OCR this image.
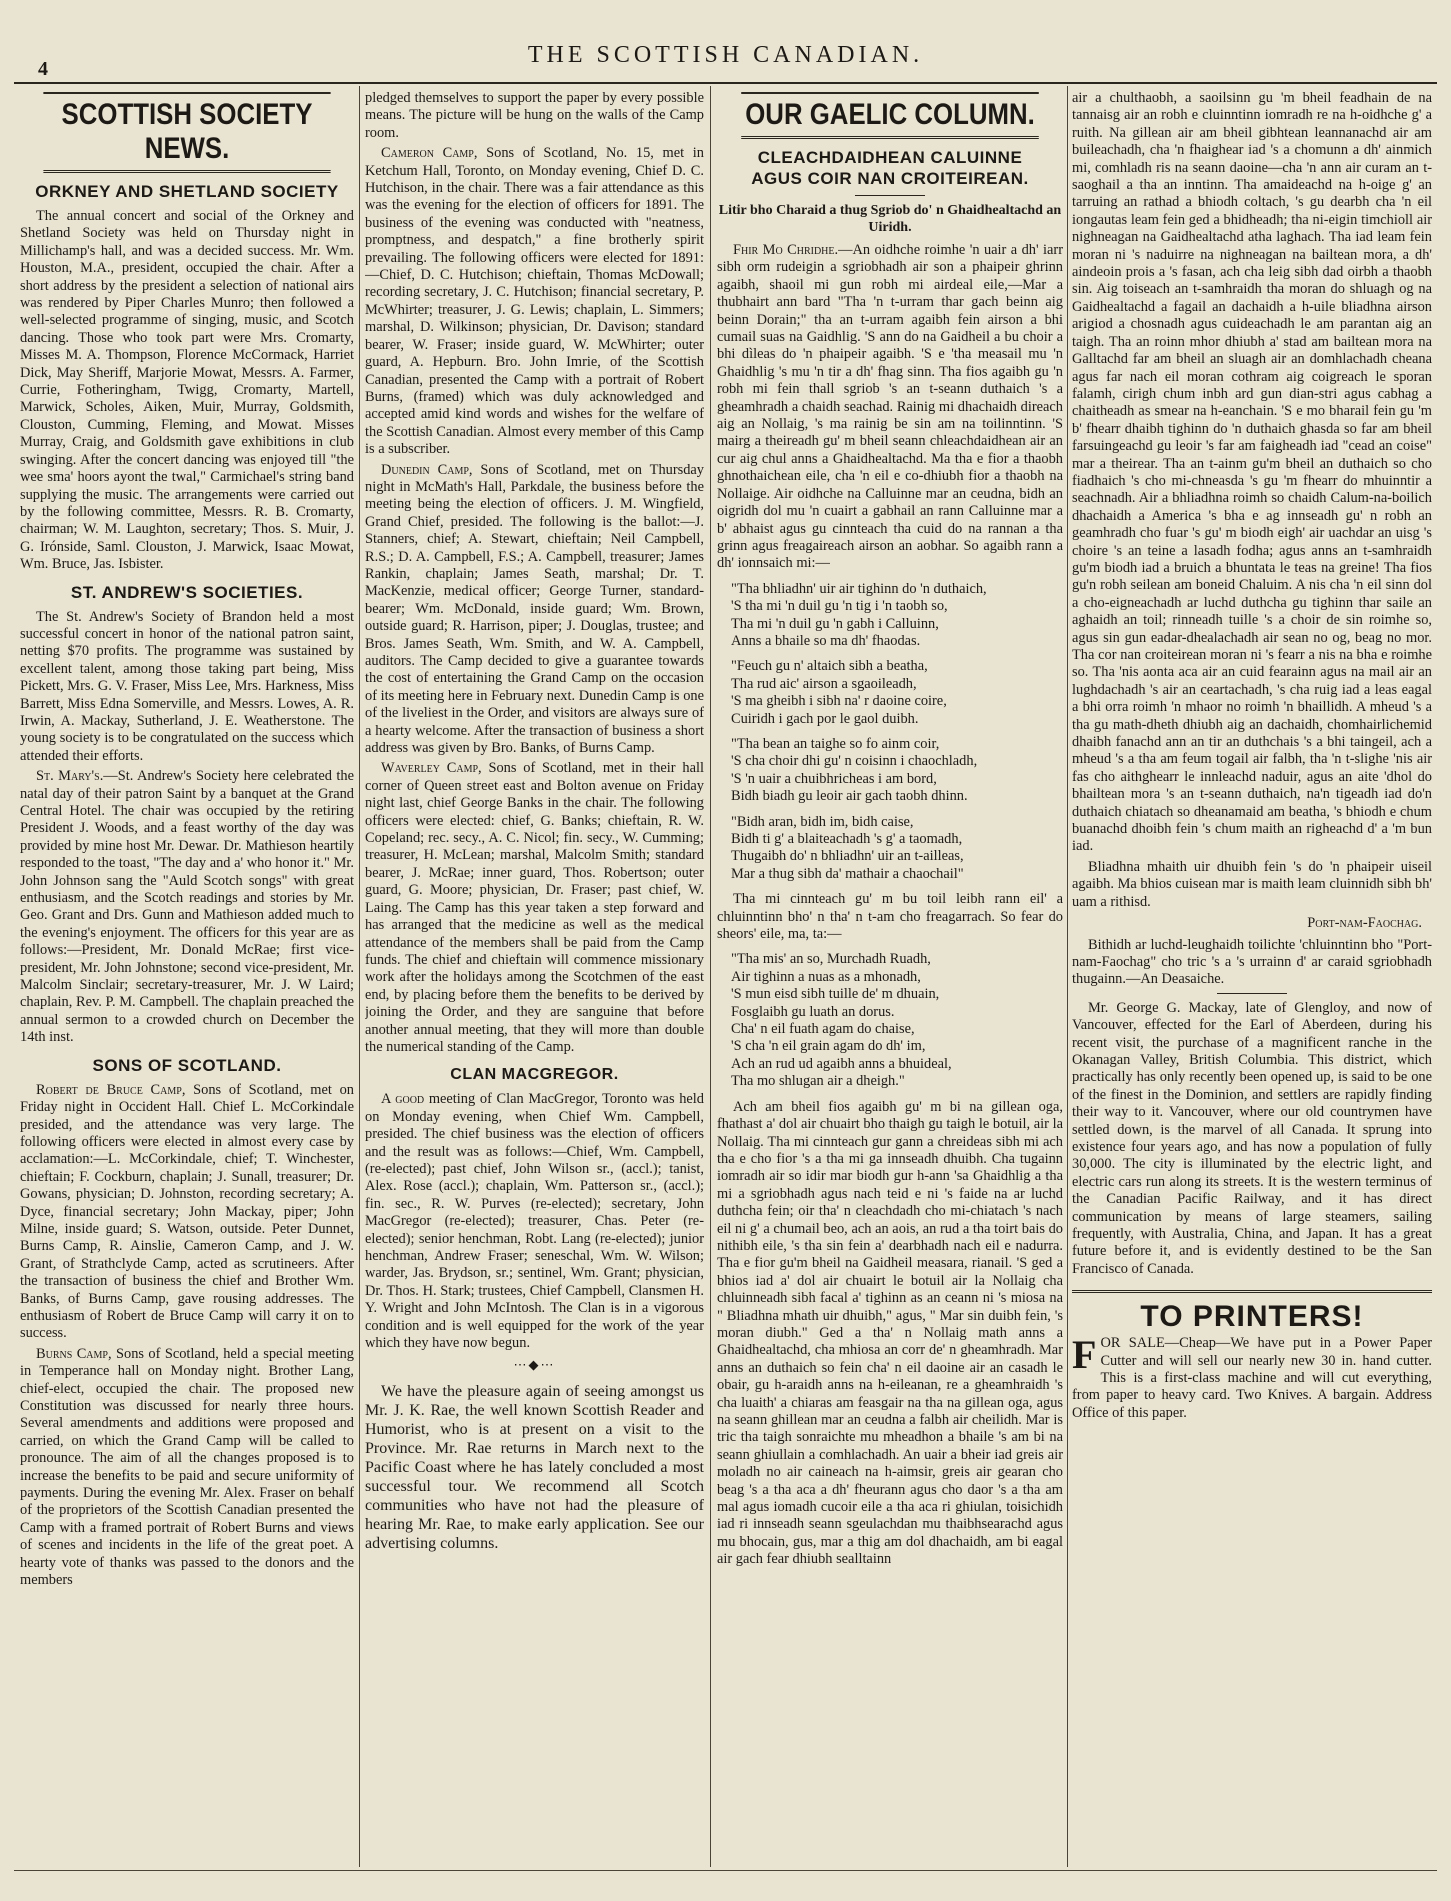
4
THE SCOTTISH CANADIAN.
SCOTTISH SOCIETY NEWS.
ORKNEY AND SHETLAND SOCIETY

The annual concert and social of the Orkney and Shetland Society was held on Thursday night in Millichamp's hall, and was a decided success. Mr. Wm. Houston, M.A., president, occupied the chair. After a short address by the president a selection of national airs was rendered by Piper Charles Munro; then followed a well-selected programme of singing, music, and Scotch dancing. Those who took part were Mrs. Cromarty, Misses M. A. Thompson, Florence McCormack, Harriet Dick, May Sheriff, Marjorie Mowat, Messrs. A. Farmer, Currie, Fotheringham, Twigg, Cromarty, Martell, Marwick, Scholes, Aiken, Muir, Murray, Goldsmith, Clouston, Cumming, Fleming, and Mowat. Misses Murray, Craig, and Goldsmith gave exhibitions in club swinging. After the concert dancing was enjoyed till "the wee sma' hoors ayont the twal," Carmichael's string band supplying the music. The arrangements were carried out by the following committee, Messrs. R. B. Cromarty, chairman; W. M. Laughton, secretary; Thos. S. Muir, J. G. Irónside, Saml. Clouston, J. Marwick, Isaac Mowat, Wm. Bruce, Jas. Isbister.

ST. ANDREW'S SOCIETIES.

The St. Andrew's Society of Brandon held a most successful concert in honor of the national patron saint, netting $70 profits. The programme was sustained by excellent talent, among those taking part being, Miss Pickett, Mrs. G. V. Fraser, Miss Lee, Mrs. Harkness, Miss Barrett, Miss Edna Somerville, and Messrs. Lowes, A. R. Irwin, A. Mackay, Sutherland, J. E. Weatherstone. The young society is to be congratulated on the success which attended their efforts.

St. Mary's.—St. Andrew's Society here celebrated the natal day of their patron Saint by a banquet at the Grand Central Hotel. The chair was occupied by the retiring President J. Woods, and a feast worthy of the day was provided by mine host Mr. Dewar. Dr. Mathieson heartily responded to the toast, "The day and a' who honor it." Mr. John Johnson sang the "Auld Scotch songs" with great enthusiasm, and the Scotch readings and stories by Mr. Geo. Grant and Drs. Gunn and Mathieson added much to the evening's enjoyment. The officers for this year are as follows:—President, Mr. Donald McRae; first vice-president, Mr. John Johnstone; second vice-president, Mr. Malcolm Sinclair; secretary-treasurer, Mr. J. W Laird; chaplain, Rev. P. M. Campbell. The chaplain preached the annual sermon to a crowded church on December the 14th inst.

SONS OF SCOTLAND.

Robert de Bruce Camp, Sons of Scotland, met on Friday night in Occident Hall. Chief L. McCorkindale presided, and the attendance was very large. The following officers were elected in almost every case by acclamation:—L. McCorkindale, chief; T. Winchester, chieftain; F. Cockburn, chaplain; J. Sunall, treasurer; Dr. Gowans, physician; D. Johnston, recording secretary; A. Dyce, financial secretary; John Mackay, piper; John Milne, inside guard; S. Watson, outside. Peter Dunnet, Burns Camp, R. Ainslie, Cameron Camp, and J. W. Grant, of Strathclyde Camp, acted as scrutineers. After the transaction of business the chief and Brother Wm. Banks, of Burns Camp, gave rousing addresses. The enthusiasm of Robert de Bruce Camp will carry it on to success.

Burns Camp, Sons of Scotland, held a special meeting in Temperance hall on Monday night. Brother Lang, chief-elect, occupied the chair. The proposed new Constitution was discussed for nearly three hours. Several amendments and additions were proposed and carried, on which the Grand Camp will be called to pronounce. The aim of all the changes proposed is to increase the benefits to be paid and secure uniformity of payments. During the evening Mr. Alex. Fraser on behalf of the proprietors of the Scottish Canadian presented the Camp with a framed portrait of Robert Burns and views of scenes and incidents in the life of the great poet. A hearty vote of thanks was passed to the donors and the members

pledged themselves to support the paper by every possible means. The picture will be hung on the walls of the Camp room.

Cameron Camp, Sons of Scotland, No. 15, met in Ketchum Hall, Toronto, on Monday evening, Chief D. C. Hutchison, in the chair. There was a fair attendance as this was the evening for the election of officers for 1891. The business of the evening was conducted with "neatness, promptness, and despatch," a fine brotherly spirit prevailing. The following officers were elected for 1891:—Chief, D. C. Hutchison; chieftain, Thomas McDowall; recording secretary, J. C. Hutchison; financial secretary, P. McWhirter; treasurer, J. G. Lewis; chaplain, L. Simmers; marshal, D. Wilkinson; physician, Dr. Davison; standard bearer, W. Fraser; inside guard, W. McWhirter; outer guard, A. Hepburn. Bro. John Imrie, of the Scottish Canadian, presented the Camp with a portrait of Robert Burns, (framed) which was duly acknowledged and accepted amid kind words and wishes for the welfare of the Scottish Canadian. Almost every member of this Camp is a subscriber.

Dunedin Camp, Sons of Scotland, met on Thursday night in McMath's Hall, Parkdale, the business before the meeting being the election of officers. J. M. Wingfield, Grand Chief, presided. The following is the ballot:—J. Stanners, chief; A. Stewart, chieftain; Neil Campbell, R.S.; D. A. Campbell, F.S.; A. Campbell, treasurer; James Rankin, chaplain; James Seath, marshal; Dr. T. MacKenzie, medical officer; George Turner, standard-bearer; Wm. McDonald, inside guard; Wm. Brown, outside guard; R. Harrison, piper; J. Douglas, trustee; and Bros. James Seath, Wm. Smith, and W. A. Campbell, auditors. The Camp decided to give a guarantee towards the cost of entertaining the Grand Camp on the occasion of its meeting here in February next. Dunedin Camp is one of the liveliest in the Order, and visitors are always sure of a hearty welcome. After the transaction of business a short address was given by Bro. Banks, of Burns Camp.

Waverley Camp, Sons of Scotland, met in their hall corner of Queen street east and Bolton avenue on Friday night last, chief George Banks in the chair. The following officers were elected: chief, G. Banks; chieftain, R. W. Copeland; rec. secy., A. C. Nicol; fin. secy., W. Cumming; treasurer, H. McLean; marshal, Malcolm Smith; standard bearer, J. McRae; inner guard, Thos. Robertson; outer guard, G. Moore; physician, Dr. Fraser; past chief, W. Laing. The Camp has this year taken a step forward and has arranged that the medicine as well as the medical attendance of the members shall be paid from the Camp funds. The chief and chieftain will commence missionary work after the holidays among the Scotchmen of the east end, by placing before them the benefits to be derived by joining the Order, and they are sanguine that before another annual meeting, that they will more than double the numerical standing of the Camp.

CLAN MACGREGOR.

A good meeting of Clan MacGregor, Toronto was held on Monday evening, when Chief Wm. Campbell, presided. The chief business was the election of officers and the result was as follows:—Chief, Wm. Campbell, (re-elected); past chief, John Wilson sr., (accl.); tanist, Alex. Rose (accl.); chaplain, Wm. Patterson sr., (accl.); fin. sec., R. W. Purves (re-elected); secretary, John MacGregor (re-elected); treasurer, Chas. Peter (re-elected); senior henchman, Robt. Lang (re-elected); junior henchman, Andrew Fraser; seneschal, Wm. W. Wilson; warder, Jas. Brydson, sr.; sentinel, Wm. Grant; physician, Dr. Thos. H. Stark; trustees, Chief Campbell, Clansmen H. Y. Wright and John McIntosh. The Clan is in a vigorous condition and is well equipped for the work of the year which they have now begun.

⋯◆⋯

We have the pleasure again of seeing amongst us Mr. J. K. Rae, the well known Scottish Reader and Humorist, who is at present on a visit to the Province. Mr. Rae returns in March next to the Pacific Coast where he has lately concluded a most successful tour. We recommend all Scotch communities who have not had the pleasure of hearing Mr. Rae, to make early application. See our advertising columns.

OUR GAELIC COLUMN.
CLEACHDAIDHEAN CALUINNE
AGUS COIR NAN CROITEIREAN.
Litir bho Charaid a thug Sgriob do' n Ghaidhealtachd an Uiridh.

Fhir Mo Chridhe.—An oidhche roimhe 'n uair a dh' iarr sibh orm rudeigin a sgriobhadh air son a phaipeir ghrinn agaibh, shaoil mi gun robh mi airdeal eile,—Mar a thubhairt ann bard "Tha 'n t-urram thar gach beinn aig beinn Dorain;" tha an t-urram agaibh fein airson a bhi cumail suas na Gaidhlig. 'S ann do na Gaidheil a bu choir a bhi dìleas do 'n phaipeir agaibh. 'S e 'tha measail mu 'n Ghaidhlig 's mu 'n tir a dh' fhag sinn. Tha fios agaibh gu 'n robh mi fein thall sgriob 's an t-seann duthaich 's a gheamhradh a chaidh seachad. Rainig mi dhachaidh direach aig an Nollaig, 's ma rainig be sin am na toilinntinn. 'S mairg a theireadh gu' m bheil seann chleachdaidhean air an cur aig chul anns a Ghaidhealtachd. Ma tha e fior a thaobh ghnothaichean eile, cha 'n eil e co-dhiubh fior a thaobh na Nollaige. Air oidhche na Calluinne mar an ceudna, bidh an oigridh dol mu 'n cuairt a gabhail an rann Calluinne mar a b' abhaist agus gu cinnteach tha cuid do na rannan a tha grinn agus freagaireach airson an aobhar. So agaibh rann a dh' ionnsaich mi:—

"Tha bhliadhn' uir air tighinn do 'n duthaich,
'S tha mi 'n duil gu 'n tig i 'n taobh so,
Tha mi 'n duil gu 'n gabh i Calluinn,
Anns a bhaile so ma dh' fhaodas.
"Feuch gu n' altaich sibh a beatha,
Tha rud aic' airson a sgaoileadh,
'S ma gheibh i sibh na' r daoine coire,
Cuiridh i gach por le gaol duibh.
"Tha bean an taighe so fo ainm coir,
'S cha choir dhi gu' n coisinn i chaochladh,
'S 'n uair a chuibhricheas i am bord,
Bidh biadh gu leoir air gach taobh dhinn.
"Bidh aran, bidh im, bidh caise,
Bidh ti g' a blaiteachadh 's g' a taomadh,
Thugaibh do' n bhliadhn' uir an t-ailleas,
Mar a thug sibh da' mathair a chaochail"

Tha mi cinnteach gu' m bu toil leibh rann eil' a chluinntinn bho' n tha' n t-am cho freagarrach. So fear do sheors' eile, ma, ta:—

"Tha mis' an so, Murchadh Ruadh,
Air tighinn a nuas as a mhonadh,
'S mun eisd sibh tuille de' m dhuain,
Fosglaibh gu luath an dorus.
Cha' n eil fuath agam do chaise,
'S cha 'n eil grain agam do dh' im,
Ach an rud ud agaibh anns a bhuideal,
Tha mo shlugan air a dheigh."

Ach am bheil fios agaibh gu' m bi na gillean oga, fhathast a' dol air chuairt bho thaigh gu taigh le botuil, air la Nollaig. Tha mi cinnteach gur gann a chreideas sibh mi ach tha e cho fior 's a tha mi ga innseadh dhuibh. Cha tugainn iomradh air so idir mar biodh gur h-ann 'sa Ghaidhlig a tha mi a sgriobhadh agus nach teid e ni 's faide na ar luchd duthcha fein; oir tha' n cleachdadh cho mi-chiatach 's nach eil ni g' a chumail beo, ach an aois, an rud a tha toirt bais do nithibh eile, 's tha sin fein a' dearbhadh nach eil e nadurra. Tha e fior gu'm bheil na Gaidheil measara, rianail. 'S ged a bhios iad a' dol air chuairt le botuil air la Nollaig cha chluinneadh sibh facal a' tighinn as an ceann ni 's miosa na " Bliadhna mhath uir dhuibh," agus, " Mar sin duibh fein, 's moran diubh." Ged a tha' n Nollaig math anns a Ghaidhealtachd, cha mhiosa an corr de' n gheamhradh. Mar anns an duthaich so fein cha' n eil daoine air an casadh le obair, gu h-araidh anns na h-eileanan, re a gheamhraidh 's cha luaith' a chiaras am feasgair na tha na gillean oga, agus na seann ghillean mar an ceudna a falbh air cheilidh. Mar is tric tha taigh sonraichte mu mheadhon a bhaile 's am bi na seann ghiullain a comhlachadh. An uair a bheir iad greis air moladh no air caineach na h-aimsir, greis air gearan cho beag 's a tha aca a dh' fheurann agus cho daor 's a tha am mal agus iomadh cucoir eile a tha aca ri ghiulan, toisichidh iad ri innseadh seann sgeulachdan mu thaibhsearachd agus mu bhocain, gus, mar a thig am dol dhachaidh, am bi eagal air gach fear dhiubh sealltainn

air a chulthaobh, a saoilsinn gu 'm bheil feadhain de na tannaisg air an robh e cluinntinn iomradh re na h-oidhche g' a ruith. Na gillean air am bheil gibhtean leannanachd air am buileachadh, cha 'n fhaighear iad 's a chomunn a dh' ainmich mi, comhladh ris na seann daoine—cha 'n ann air curam an t-saoghail a tha an inntinn. Tha amaideachd na h-oige g' an tarruing an rathad a bhiodh coltach, 's gu dearbh cha 'n eil iongautas leam fein ged a bhidheadh; tha ni-eigin timchioll air nighneagan na Gaidhealtachd atha laghach. Tha iad leam fein moran ni 's naduirre na nighneagan na bailtean mora, a dh' aindeoin prois a 's fasan, ach cha leig sibh dad oirbh a thaobh sin. Aig toiseach an t-samhraidh tha moran do shluagh og na Gaidhealtachd a fagail an dachaidh a h-uile bliadhna airson arigiod a chosnadh agus cuideachadh le am parantan aig an taigh. Tha an roinn mhor dhiubh a' stad am bailtean mora na Galltachd far am bheil an sluagh air an domhlachadh cheana agus far nach eil moran cothram aig coigreach le sporan falamh, cirigh chum inbh ard gun dian-stri agus cabhag a chaitheadh as smear na h-eanchain. 'S e mo bharail fein gu 'm b' fhearr dhaibh tighinn do 'n duthaich ghasda so far am bheil farsuingeachd gu leoir 's far am faigheadh iad "cead an coise" mar a theirear. Tha an t-ainm gu'm bheil an duthaich so cho fiadhaich 's cho mi-chneasda 's gu 'm fhearr do mhuinntir a seachnadh. Air a bhliadhna roimh so chaidh Calum-na-boilich dhachaidh a America 's bha e ag innseadh gu' n robh an geamhradh cho fuar 's gu' m biodh eigh' air uachdar an uisg 's choire 's an teine a lasadh fodha; agus anns an t-samhraidh gu'm biodh iad a bruich a bhuntata le teas na greine! Tha fios gu'n robh seilean am boneid Chaluim. A nis cha 'n eil sinn dol a cho-eigneachadh ar luchd duthcha gu tighinn thar saile an aghaidh an toil; rinneadh tuille 's a choir de sin roimhe so, agus sin gun eadar-dhealachadh air sean no og, beag no mor. Tha cor nan croiteirean moran ni 's fearr a nis na bha e roimhe so. Tha 'nis aonta aca air an cuid fearainn agus na mail air an lughdachadh 's air an ceartachadh, 's cha ruig iad a leas eagal a bhi orra roimh 'n mhaor no roimh 'n bhaillidh. A mheud 's a tha gu math-dheth dhiubh aig an dachaidh, chomhairlichemid dhaibh fanachd ann an tir an duthchais 's a bhi taingeil, ach a mheud 's a tha am feum togail air falbh, tha 'n t-slighe 'nis air fas cho aithghearr le innleachd naduir, agus an aite 'dhol do bhailtean mora 's an t-seann duthaich, na'n tigeadh iad do'n duthaich chiatach so dheanamaid am beatha, 's bhiodh e chum buanachd dhoibh fein 's chum maith an righeachd d' a 'm bun iad.

Bliadhna mhaith uir dhuibh fein 's do 'n phaipeir uiseil agaibh. Ma bhios cuisean mar is maith leam cluinnidh sibh bh' uam a rithisd.

Port-nam-Faochag.

Bithidh ar luchd-leughaidh toilichte 'chluinntinn bho "Port-nam-Faochag" cho tric 's a 's urrainn d' ar caraid sgriobhadh thugainn.—An Deasaiche.

Mr. George G. Mackay, late of Glengloy, and now of Vancouver, effected for the Earl of Aberdeen, during his recent visit, the purchase of a magnificent ranche in the Okanagan Valley, British Columbia. This district, which practically has only recently been opened up, is said to be one of the finest in the Dominion, and settlers are rapidly finding their way to it. Vancouver, where our old countrymen have settled down, is the marvel of all Canada. It sprung into existence four years ago, and has now a population of fully 30,000. The city is illuminated by the electric light, and electric cars run along its streets. It is the western terminus of the Canadian Pacific Railway, and it has direct communication by means of large steamers, sailing frequently, with Australia, China, and Japan. It has a great future before it, and is evidently destined to be the San Francisco of Canada.

TO PRINTERS!
FOR SALE—Cheap—We have put in a Power Paper Cutter and will sell our nearly new 30 in. hand cutter. This is a first-class machine and will cut everything, from paper to heavy card. Two Knives. A bargain. Address Office of this paper.
